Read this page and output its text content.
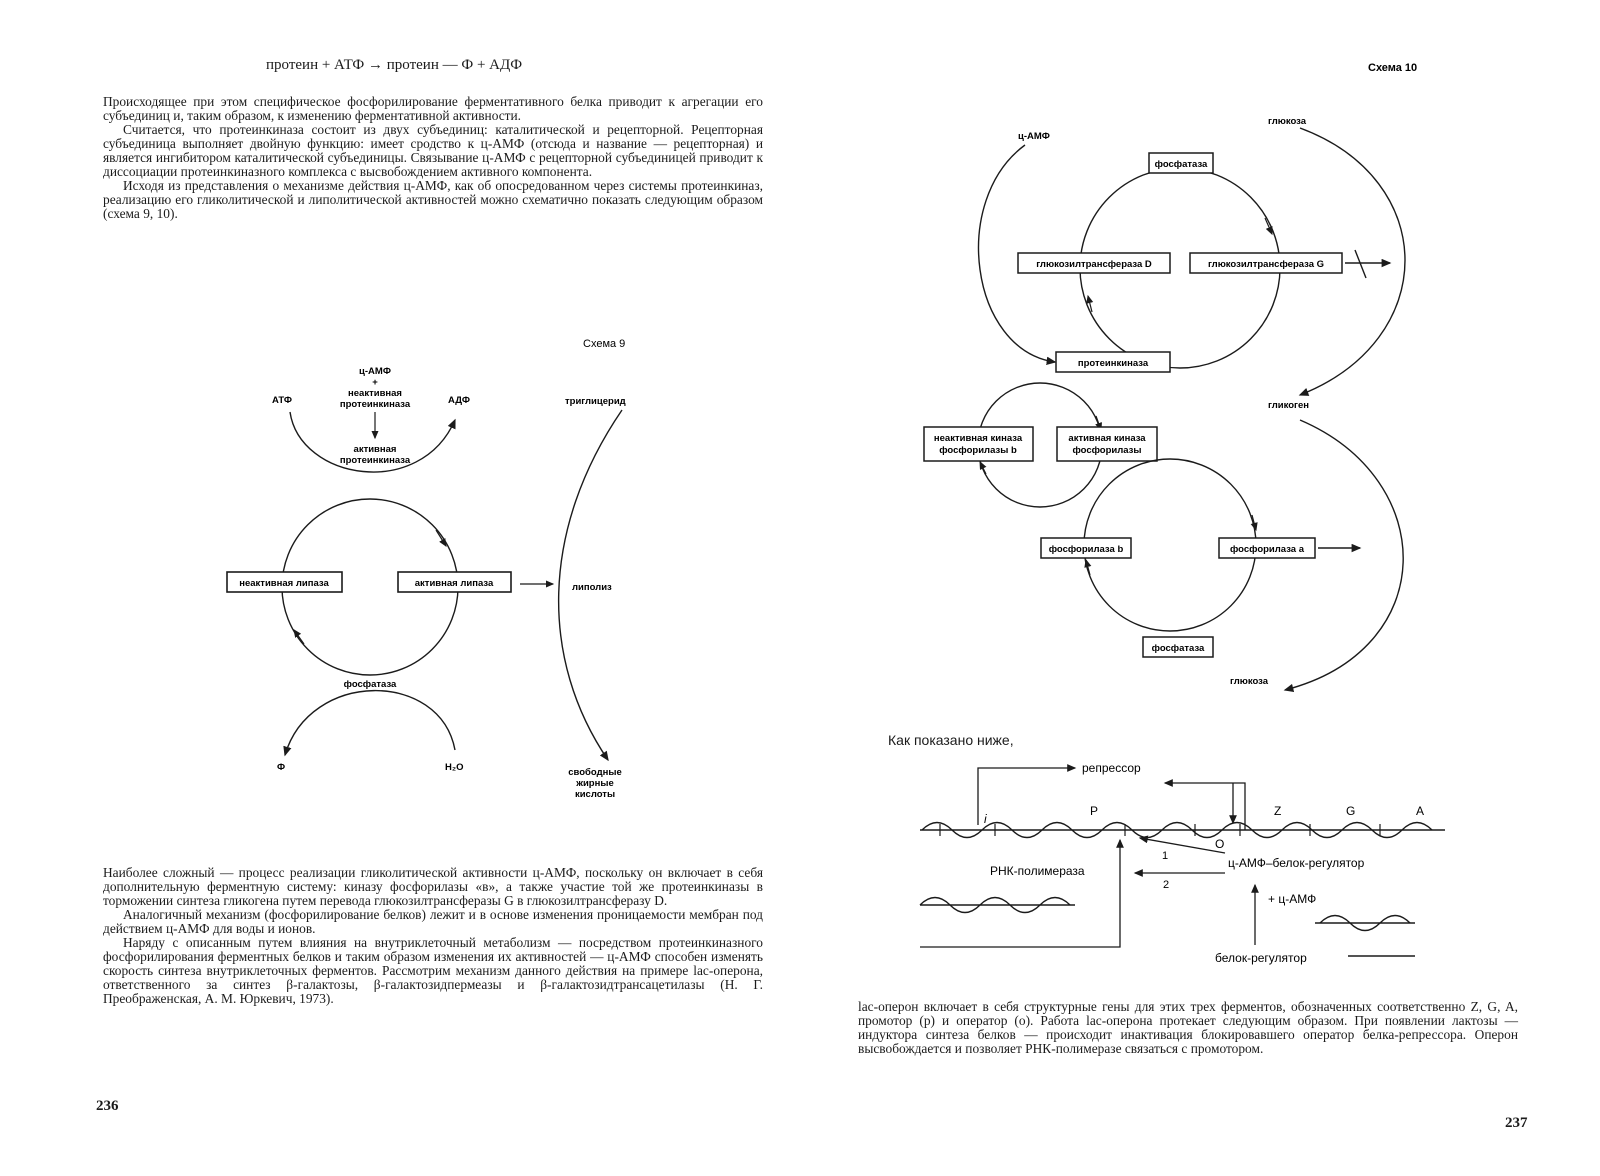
протеин + АТФ → протеин — Ф + АДФ

Происходящее при этом специфическое фосфорилирование ферментативного белка приводит к агрегации его субъединиц и, таким образом, к изменению ферментативной активности.

Считается, что протеинкиназа состоит из двух субъединиц: каталитической и рецепторной. Рецепторная субъединица выполняет двойную функцию: имеет сродство к ц-АМФ (отсюда и название — рецепторная) и является ингибитором каталитической субъединицы. Связывание ц-АМФ с рецепторной субъединицей приводит к диссоциации протеинкиназного комплекса с высвобождением активного компонента.

Исходя из представления о механизме действия ц-АМФ, как об опосредованном через системы протеинкиназ, реализацию его гликолитической и липолитической активностей можно схематично показать следующим образом (схема 9, 10).

Схема 9
ц-АМФ
+
неактивная
протеинкиназа
активная
протеинкиназа
АТФ	АДФ
неактивная липаза	активная липаза
фосфатаза
Ф	H₂O
триглицерид
липолиз
свободные
жирные
кислоты

Наиболее сложный — процесс реализации гликолитической активности ц-АМФ, поскольку он включает в себя дополнительную ферментную систему: киназу фосфорилазы «в», а также участие той же протеинкиназы в торможении синтеза гликогена путем перевода глюкозилтрансферазы G в глюкозилтрансферазу D.

Аналогичный механизм (фосфорилирование белков) лежит и в основе изменения проницаемости мембран под действием ц-АМФ для воды и ионов.

Наряду с описанным путем влияния на внутриклеточный метаболизм — посредством протеинкиназного фосфорилирования ферментных белков и таким образом изменения их активностей — ц-АМФ способен изменять скорость синтеза внутриклеточных ферментов. Рассмотрим механизм данного действия на примере lac-оперона, ответственного за синтез β-галактозы, β-галактозидпермеазы и β-галактозидтрансацетилазы (Н. Г. Преображенская, А. М. Юркевич, 1973).

236
Схема 10
ц-АМФ
глюкоза
фосфатаза
глюкозилтрансфераза D	глюкозилтрансфераза G
протеинкиназа
гликоген
неактивная киназа
фосфорилазы b
активная киназа
фосфорилазы
фосфорилаза b	фосфорилаза a
фосфатаза
глюкоза
Как показано ниже,
репрессор
i
P
O
Z	G	A
1
2
ц-АМФ–белок-регулятор
РНК-полимераза
+ ц-АМФ
белок-регулятор

lac-оперон включает в себя структурные гены для этих трех ферментов, обозначенных соответственно Z, G, A, промотор (р) и оператор (о). Работа lac-оперона протекает следующим образом. При появлении лактозы — индуктора синтеза белков — происходит инактивация блокировавшего оператор белка-репрессора. Оперон высвобождается и позволяет РНК-полимеразе связаться с промотором.

237
